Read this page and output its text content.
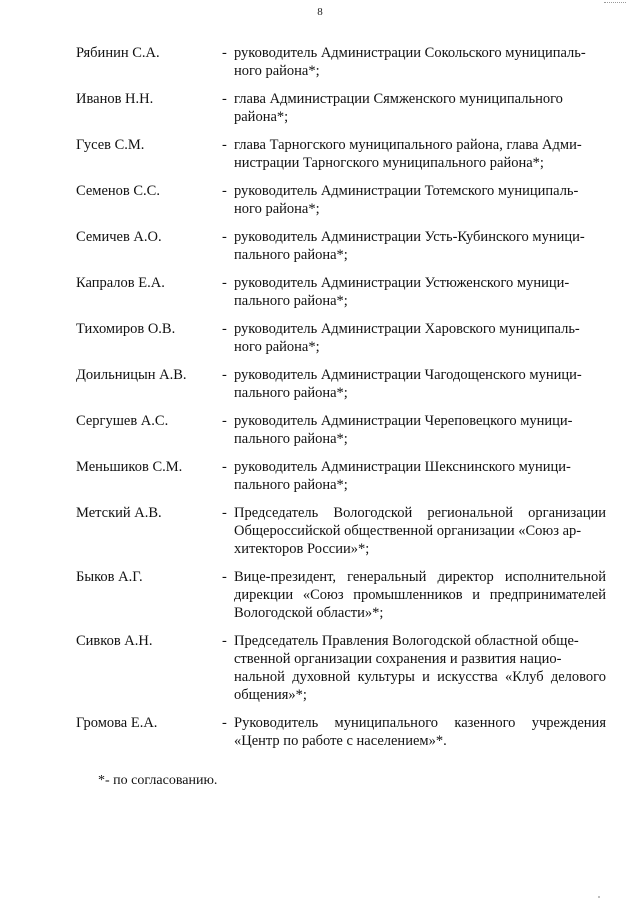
8
Рябинин С.А.	- руководитель Администрации Сокольского муниципаль-
ного района*;
Иванов Н.Н.	- глава Администрации Сямженского муниципального
района*;
Гусев С.М.	- глава Тарногского муниципального района, глава Адми-
нистрации Тарногского муниципального района*;
Семенов С.С.	- руководитель Администрации Тотемского муниципаль-
ного района*;
Семичев А.О.	- руководитель Администрации Усть-Кубинского муници-
пального района*;
Капралов Е.А.	- руководитель Администрации Устюженского муници-
пального района*;
Тихомиров О.В.	- руководитель Администрации Харовского муниципаль-
ного района*;
Доильницын А.В.	- руководитель Администрации Чагодощенского муници-
пального района*;
Сергушев А.С.	- руководитель Администрации Череповецкого муници-
пального района*;
Меньшиков С.М.	- руководитель Администрации Шекснинского муници-
пального района*;
Метский А.В.	- Председатель Вологодской региональной организации Общероссийской общественной организации «Союз ар-
хитекторов России»*;
Быков А.Г.	- Вице-президент, генеральный директор исполнительной дирекции «Союз промышленников и предпринимателей Вологодской области»*;
Сивков А.Н.	- Председатель Правления Вологодской областной обще-
ственной организации сохранения и развития нацио-
нальной духовной культуры и искусства «Клуб делового общения»*;
Громова Е.А.	- Руководитель муниципального казенного учреждения «Центр по работе с населением»*.
*- по согласованию.
